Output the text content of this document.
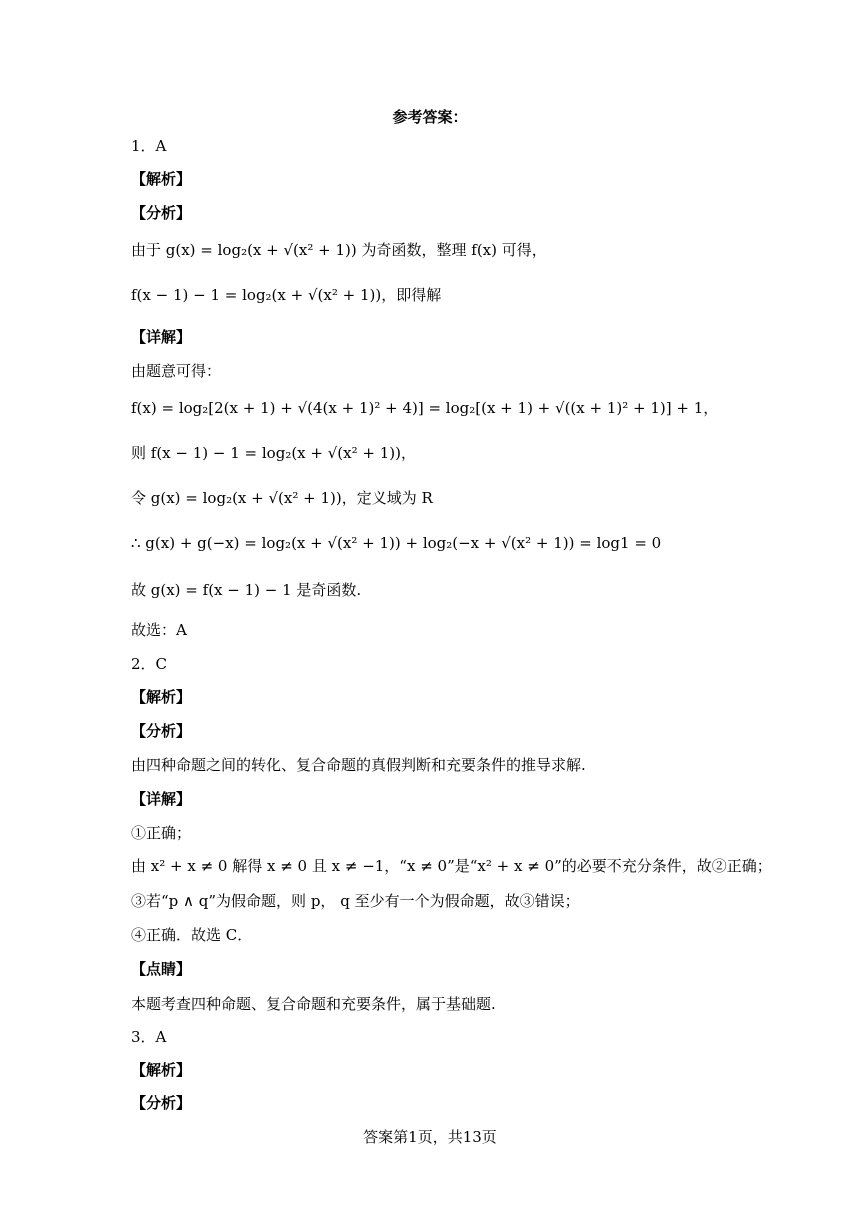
参考答案：
1．A
【解析】
【分析】
由于 g(x) = log₂(x + √(x² + 1)) 为奇函数，整理 f(x) 可得，
f(x − 1) − 1 = log₂(x + √(x² + 1))，即得解
【详解】
由题意可得：
f(x) = log₂[2(x + 1) + √(4(x + 1)² + 4)] = log₂[(x + 1) + √((x + 1)² + 1)] + 1，
则 f(x − 1) − 1 = log₂(x + √(x² + 1))，
令 g(x) = log₂(x + √(x² + 1))，定义域为 R
∴ g(x) + g(−x) = log₂(x + √(x² + 1)) + log₂(−x + √(x² + 1)) = log1 = 0
故 g(x) = f(x − 1) − 1 是奇函数.
故选：A
2．C
【解析】
【分析】
由四种命题之间的转化、复合命题的真假判断和充要条件的推导求解.
【详解】
①正确；
由 x² + x ≠ 0 解得 x ≠ 0 且 x ≠ −1，“x ≠ 0”是“x² + x ≠ 0”的必要不充分条件，故②正确；
③若“p ∧ q”为假命题，则 p， q 至少有一个为假命题，故③错误；
④正确．故选 C．
【点睛】
本题考查四种命题、复合命题和充要条件，属于基础题.
3．A
【解析】
【分析】
答案第1页，共13页
